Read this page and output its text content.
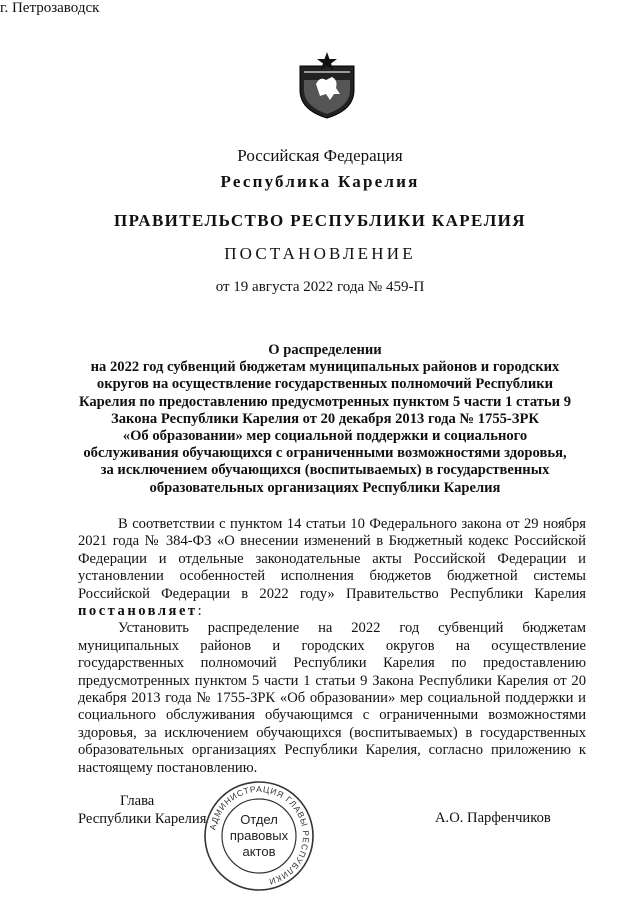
Российская Федерация
Республика Карелия
ПРАВИТЕЛЬСТВО РЕСПУБЛИКИ КАРЕЛИЯ
ПОСТАНОВЛЕНИЕ
от 19 августа 2022 года № 459-П
г. Петрозаводск
О распределении
на 2022 год субвенций бюджетам муниципальных районов и городских
округов на осуществление государственных полномочий Республики
Карелия по предоставлению предусмотренных пунктом 5 части 1 статьи 9
Закона Республики Карелия от 20 декабря 2013 года № 1755-ЗРК
«Об образовании» мер социальной поддержки и социального
обслуживания обучающихся с ограниченными возможностями здоровья,
за исключением обучающихся (воспитываемых) в государственных
образовательных организациях Республики Карелия

В соответствии с пунктом 14 статьи 10 Федерального закона от 29 ноября 2021 года № 384-ФЗ «О внесении изменений в Бюджетный кодекс Российской Федерации и отдельные законодательные акты Российской Федерации и установлении особенностей исполнения бюджетов бюджетной системы Российской Федерации в 2022 году» Правительство Республики Карелия постановляет:

Установить распределение на 2022 год субвенций бюджетам муниципальных районов и городских округов на осуществление государственных полномочий Республики Карелия по предоставлению предусмотренных пунктом 5 части 1 статьи 9 Закона Республики Карелия от 20 декабря 2013 года № 1755-ЗРК «Об образовании» мер социальной поддержки и социального обслуживания обучающимся с ограниченными возможностями здоровья, за исключением обучающихся (воспитываемых) в государственных образовательных организациях Республики Карелия, согласно приложению к настоящему постановлению.

Глава
Республики Карелия	А.О. Парфенчиков
АДМИНИСТРАЦИЯ ГЛАВЫ РЕСПУБЛИКИ
Отдел
правовых
актов
